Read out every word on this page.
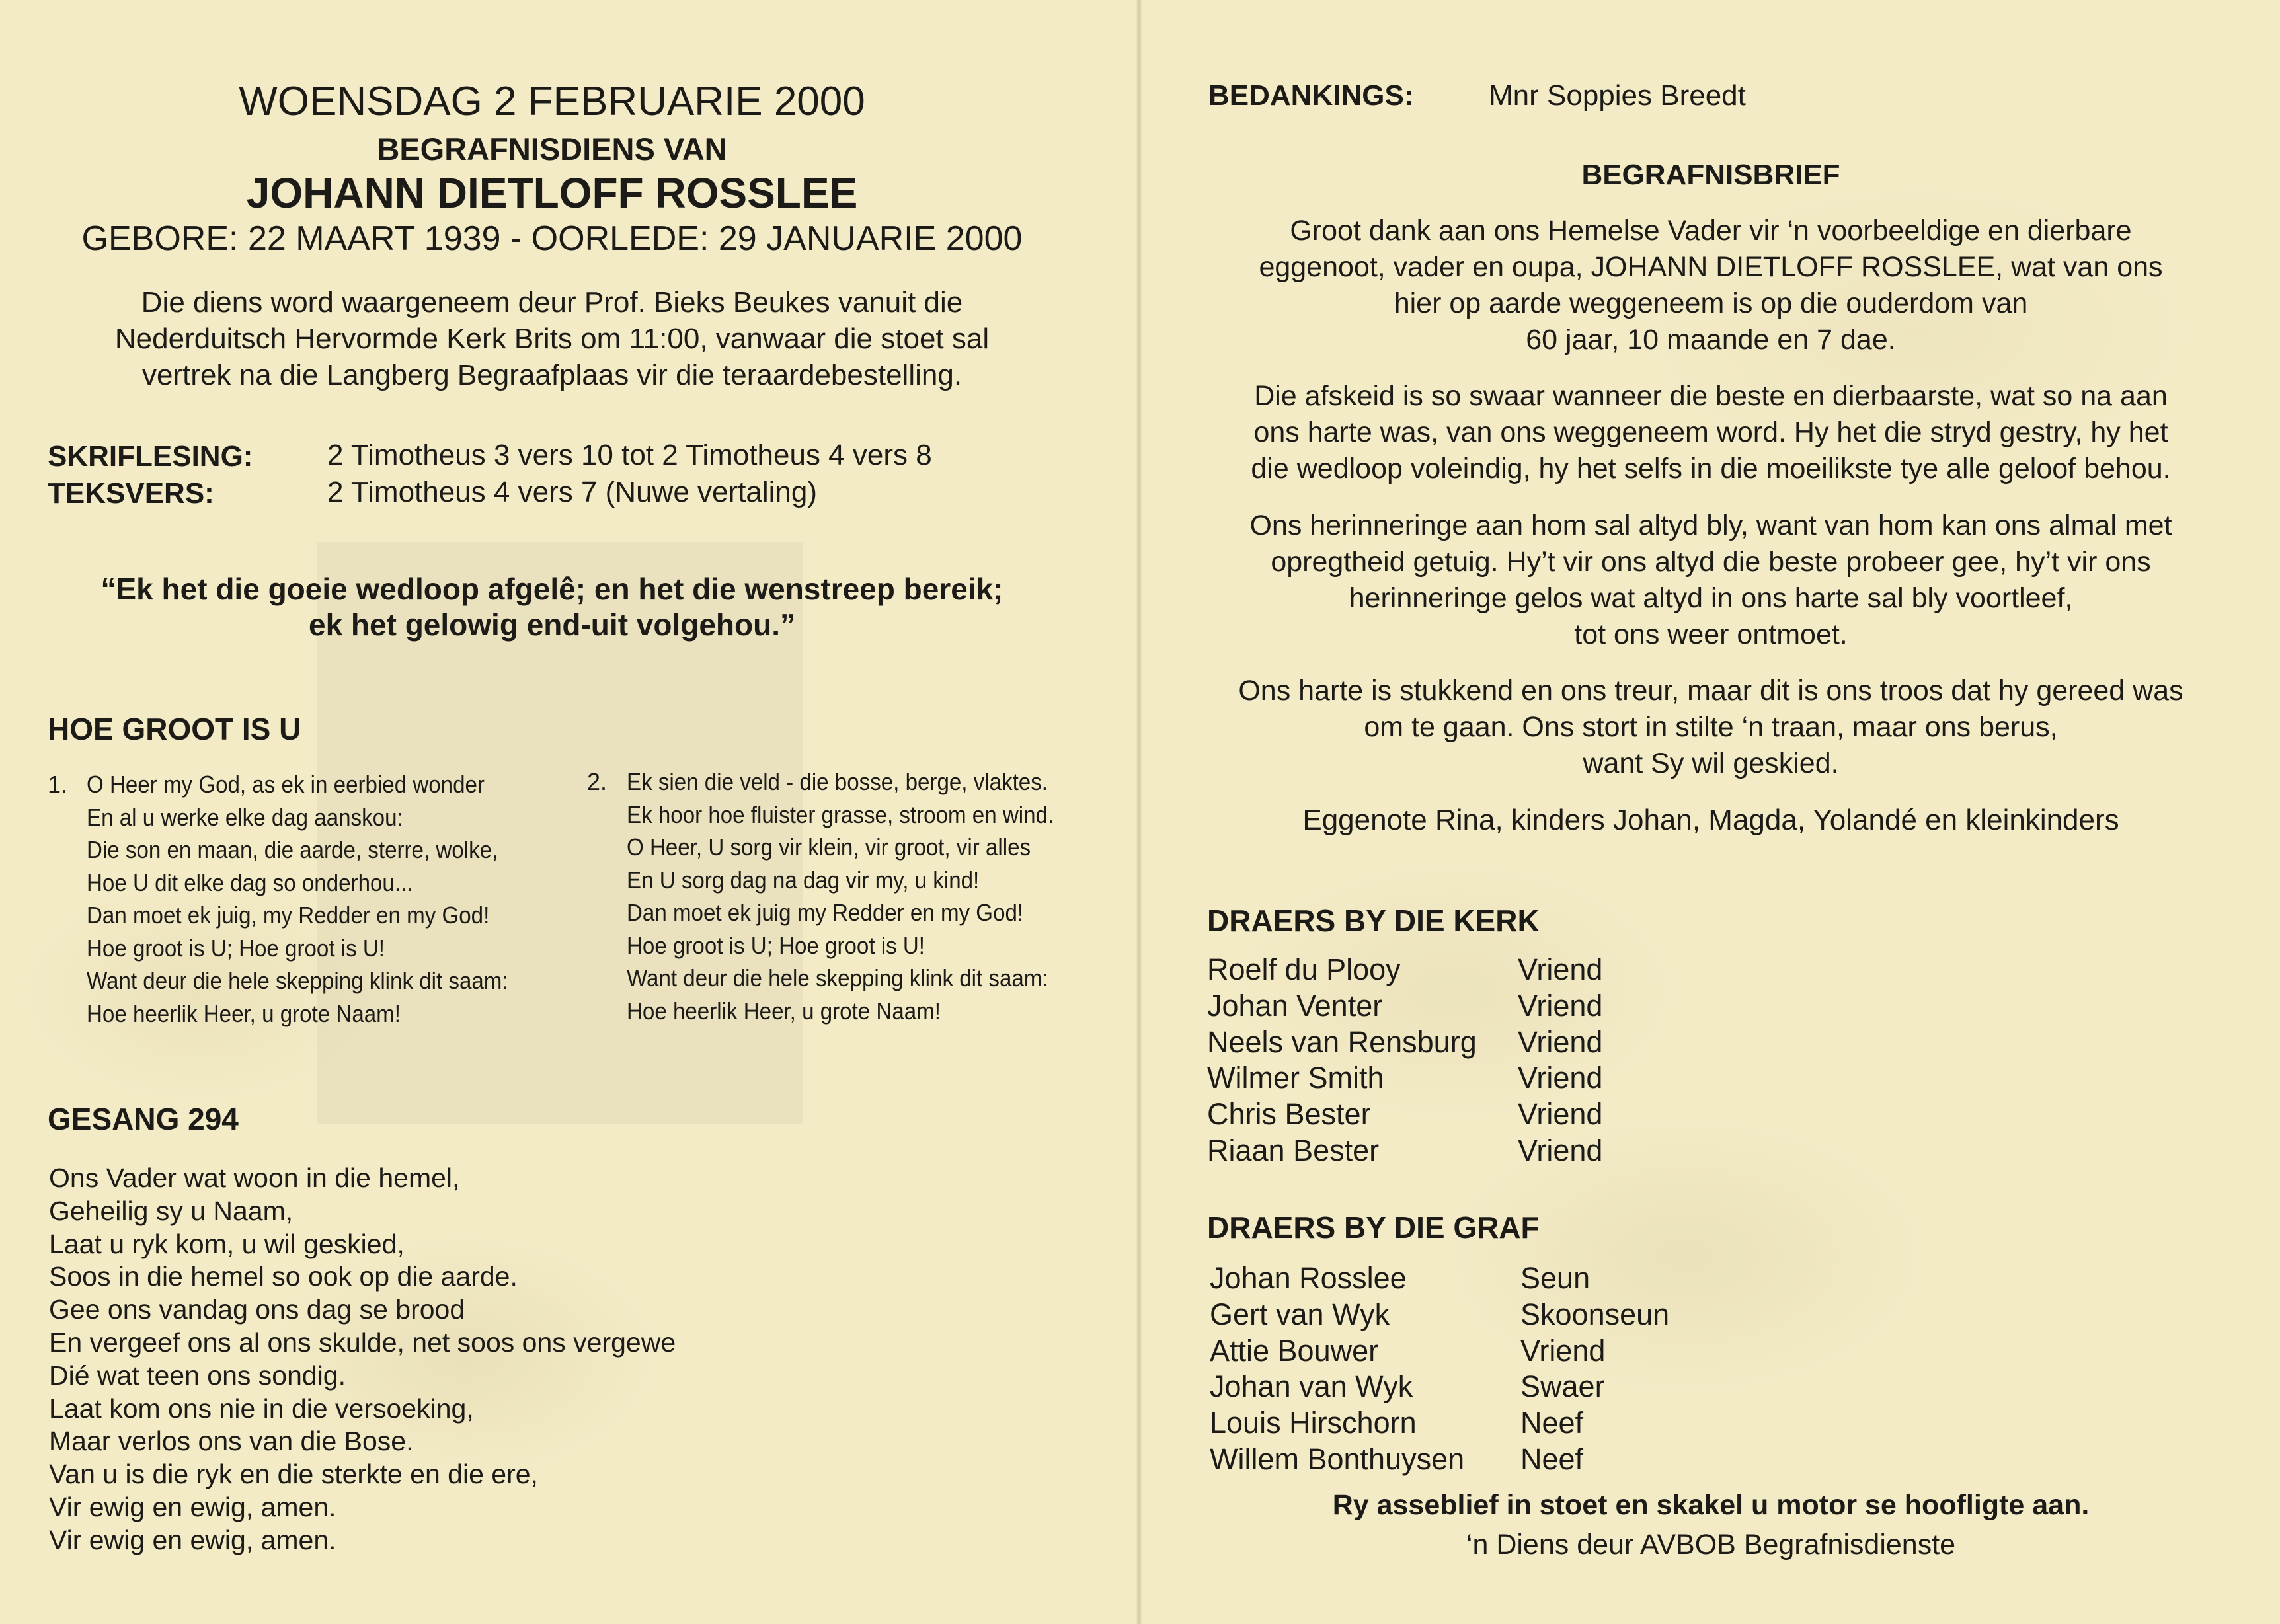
WOENSDAG 2 FEBRUARIE 2000

BEGRAFNISDIENS VAN

JOHANN DIETLOFF ROSSLEE

GEBORE: 22 MAART 1939 - OORLEDE: 29 JANUARIE 2000

Die diens word waargeneem deur Prof. Bieks Beukes vanuit die
Nederduitsch Hervormde Kerk Brits om 11:00, vanwaar die stoet sal
vertrek na die Langberg Begraafplaas vir die teraardebestelling.

SKRIFLESING:	2 Timotheus 3 vers 10 tot 2 Timotheus 4 vers 8

TEKSVERS:	2 Timotheus 4 vers 7 (Nuwe vertaling)

“Ek het die goeie wedloop afgelê; en het die wenstreep bereik;
ek het gelowig end-uit volgehou.”

HOE GROOT IS U

1. O Heer my God, as ek in eerbied wonder
En al u werke elke dag aanskou:
Die son en maan, die aarde, sterre, wolke,
Hoe U dit elke dag so onderhou...
Dan moet ek juig, my Redder en my God!
Hoe groot is U; Hoe groot is U!
Want deur die hele skepping klink dit saam:
Hoe heerlik Heer, u grote Naam!

2. Ek sien die veld - die bosse, berge, vlaktes.
Ek hoor hoe fluister grasse, stroom en wind.
O Heer, U sorg vir klein, vir groot, vir alles
En U sorg dag na dag vir my, u kind!
Dan moet ek juig my Redder en my God!
Hoe groot is U; Hoe groot is U!
Want deur die hele skepping klink dit saam:
Hoe heerlik Heer, u grote Naam!

GESANG 294

Ons Vader wat woon in die hemel,
Geheilig sy u Naam,
Laat u ryk kom, u wil geskied,
Soos in die hemel so ook op die aarde.
Gee ons vandag ons dag se brood
En vergeef ons al ons skulde, net soos ons vergewe
Dié wat teen ons sondig.
Laat kom ons nie in die versoeking,
Maar verlos ons van die Bose.
Van u is die ryk en die sterkte en die ere,
Vir ewig en ewig, amen.
Vir ewig en ewig, amen.

BEDANKINGS:	Mnr Soppies Breedt

BEGRAFNISBRIEF

Groot dank aan ons Hemelse Vader vir ‘n voorbeeldige en dierbare
eggenoot, vader en oupa, JOHANN DIETLOFF ROSSLEE, wat van ons
hier op aarde weggeneem is op die ouderdom van
60 jaar, 10 maande en 7 dae.
Die afskeid is so swaar wanneer die beste en dierbaarste, wat so na aan
ons harte was, van ons weggeneem word. Hy het die stryd gestry, hy het
die wedloop voleindig, hy het selfs in die moeilikste tye alle geloof behou.
Ons herinneringe aan hom sal altyd bly, want van hom kan ons almal met
opregtheid getuig. Hy’t vir ons altyd die beste probeer gee, hy’t vir ons
herinneringe gelos wat altyd in ons harte sal bly voortleef,
tot ons weer ontmoet.
Ons harte is stukkend en ons treur, maar dit is ons troos dat hy gereed was
om te gaan. Ons stort in stilte ‘n traan, maar ons berus,
want Sy wil geskied.

Eggenote Rina, kinders Johan, Magda, Yolandé en kleinkinders

DRAERS BY DIE KERK

Roelf du Plooy	Vriend
Johan Venter	Vriend
Neels van Rensburg Vriend
Wilmer Smith	Vriend
Chris Bester	Vriend
Riaan Bester	Vriend

DRAERS BY DIE GRAF

Johan Rosslee	Seun
Gert van Wyk	Skoonseun
Attie Bouwer	Vriend
Johan van Wyk	Swaer
Louis Hirschorn	Neef
Willem Bonthuysen Neef

Ry asseblief in stoet en skakel u motor se hoofligte aan.

‘n Diens deur AVBOB Begrafnisdienste
